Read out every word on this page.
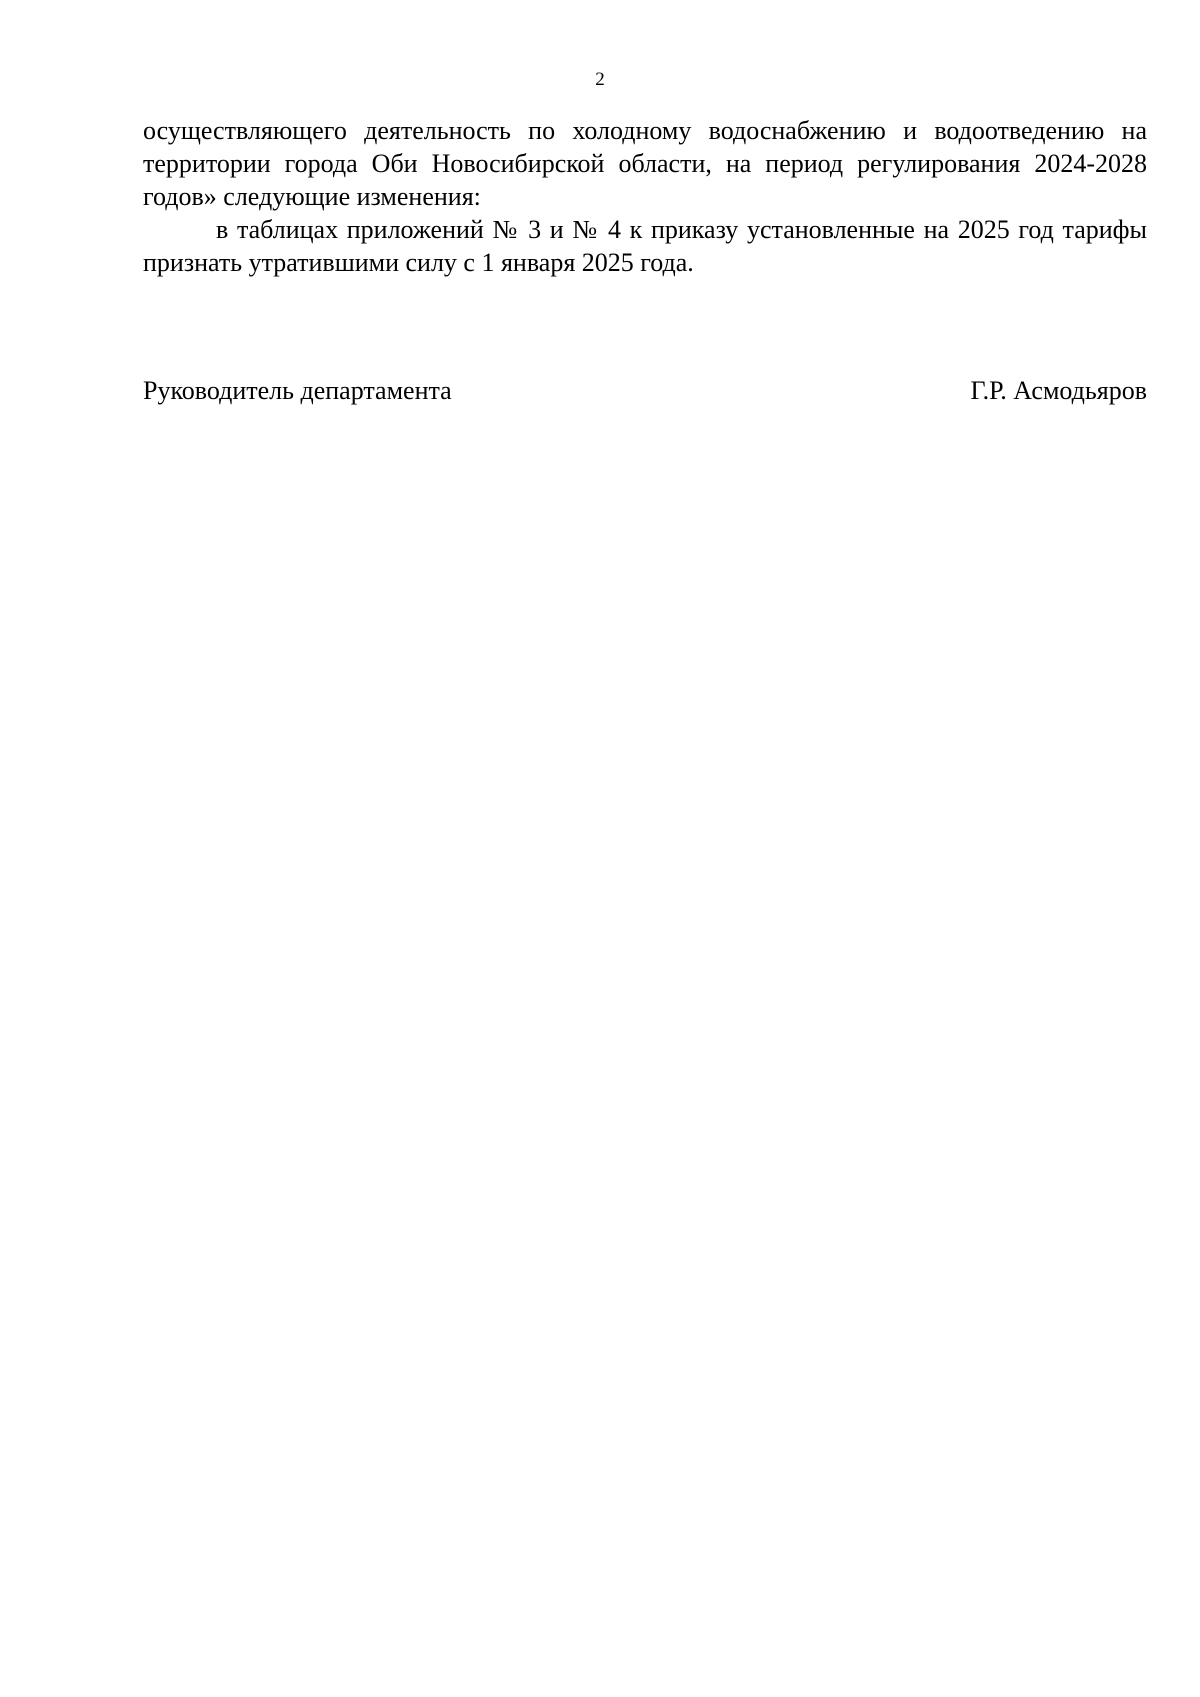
2

осуществляющего деятельность по холодному водоснабжению и водоотведению на территории города Оби Новосибирской области, на период регулирования 2024-2028 годов» следующие изменения:

в таблицах приложений № 3 и № 4 к приказу установленные на 2025 год тарифы признать утратившими силу с 1 января 2025 года.

Руководитель департамента	Г.Р. Асмодьяров
